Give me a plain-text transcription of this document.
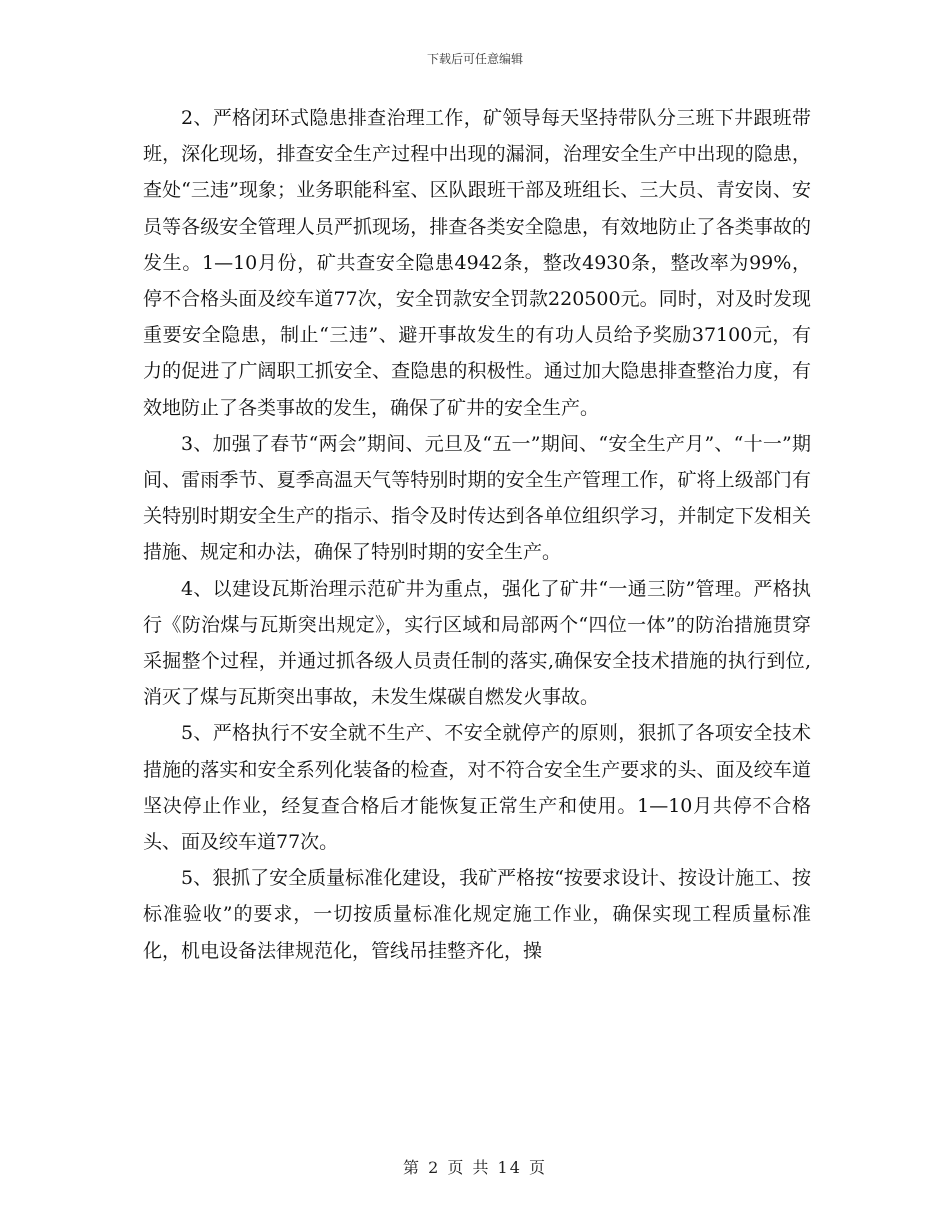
下载后可任意编辑

2、严格闭环式隐患排查治理工作，矿领导每天坚持带队分三班下井跟班带班，深化现场，排查安全生产过程中出现的漏洞，治理安全生产中出现的隐患，查处“三违”现象；业务职能科室、区队跟班干部及班组长、三大员、青安岗、安员等各级安全管理人员严抓现场，排查各类安全隐患，有效地防止了各类事故的发生。1—10月份，矿共查安全隐患4942条，整改4930条，整改率为99%，停不合格头面及绞车道77次，安全罚款安全罚款220500元。同时，对及时发现重要安全隐患，制止“三违”、避开事故发生的有功人员给予奖励37100元，有力的促进了广阔职工抓安全、查隐患的积极性。通过加大隐患排查整治力度，有效地防止了各类事故的发生，确保了矿井的安全生产。

3、加强了春节“两会”期间、元旦及“五一”期间、“安全生产月”、“十一”期间、雷雨季节、夏季高温天气等特别时期的安全生产管理工作，矿将上级部门有关特别时期安全生产的指示、指令及时传达到各单位组织学习，并制定下发相关措施、规定和办法，确保了特别时期的安全生产。

4、以建设瓦斯治理示范矿井为重点，强化了矿井“一通三防”管理。严格执行《防治煤与瓦斯突出规定》，实行区域和局部两个“四位一体”的防治措施贯穿采掘整个过程，并通过抓各级人员责任制的落实,确保安全技术措施的执行到位,消灭了煤与瓦斯突出事故，未发生煤碳自燃发火事故。

5、严格执行不安全就不生产、不安全就停产的原则，狠抓了各项安全技术措施的落实和安全系列化装备的检查，对不符合安全生产要求的头、面及绞车道坚决停止作业，经复查合格后才能恢复正常生产和使用。1—10月共停不合格头、面及绞车道77次。

5、狠抓了安全质量标准化建设，我矿严格按“按要求设计、按设计施工、按标准验收”的要求，一切按质量标准化规定施工作业，确保实现工程质量标准化，机电设备法律规范化，管线吊挂整齐化，操

第 2 页 共 14 页
